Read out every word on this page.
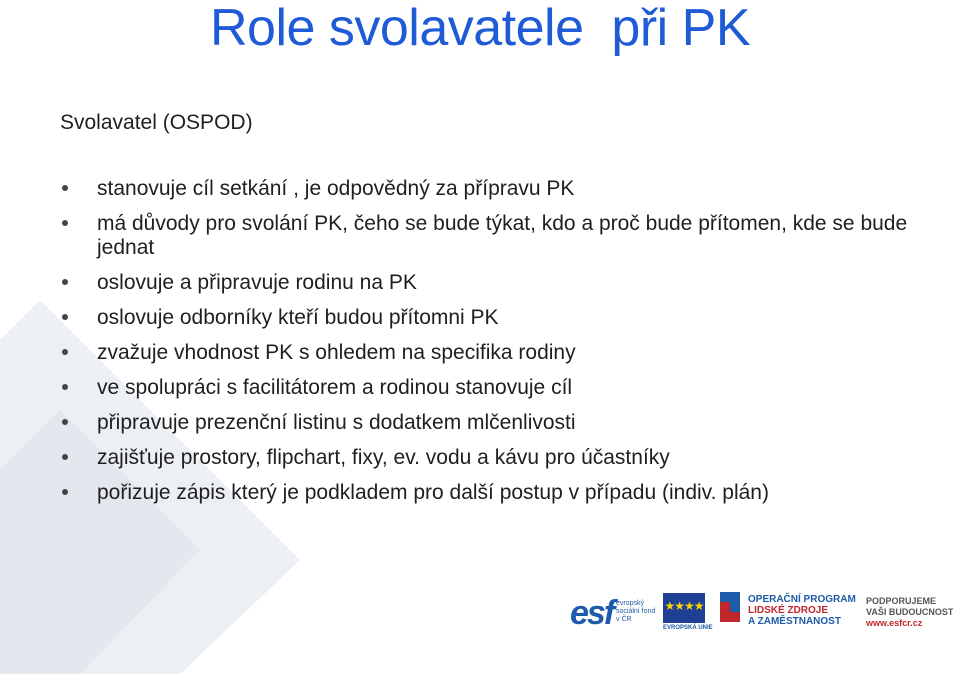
Role svolavatele  při PK
Svolavatel (OSPOD)
stanovuje cíl setkání , je odpovědný za přípravu PK
má důvody pro svolání PK, čeho se bude týkat, kdo a proč bude přítomen, kde se bude jednat
oslovuje a připravuje rodinu na PK
oslovuje odborníky kteří budou přítomni PK
zvažuje vhodnost PK s ohledem na specifika rodiny
ve spolupráci s facilitátorem a rodinou stanovuje cíl
připravuje prezenční listinu s dodatkem mlčenlivosti
zajišťuje prostory, flipchart, fixy, ev. vodu a kávu pro účastníky
pořizuje zápis který je podkladem pro další postup v případu (indiv. plán)
esf evropský sociální fond v ČR
★★★★
EVROPSKÁ UNIE
OPERAČNÍ PROGRAM
LIDSKÉ ZDROJE
A ZAMĚSTNANOST
PODPORUJEME
VAŠI BUDOUCNOST
www.esfcr.cz
